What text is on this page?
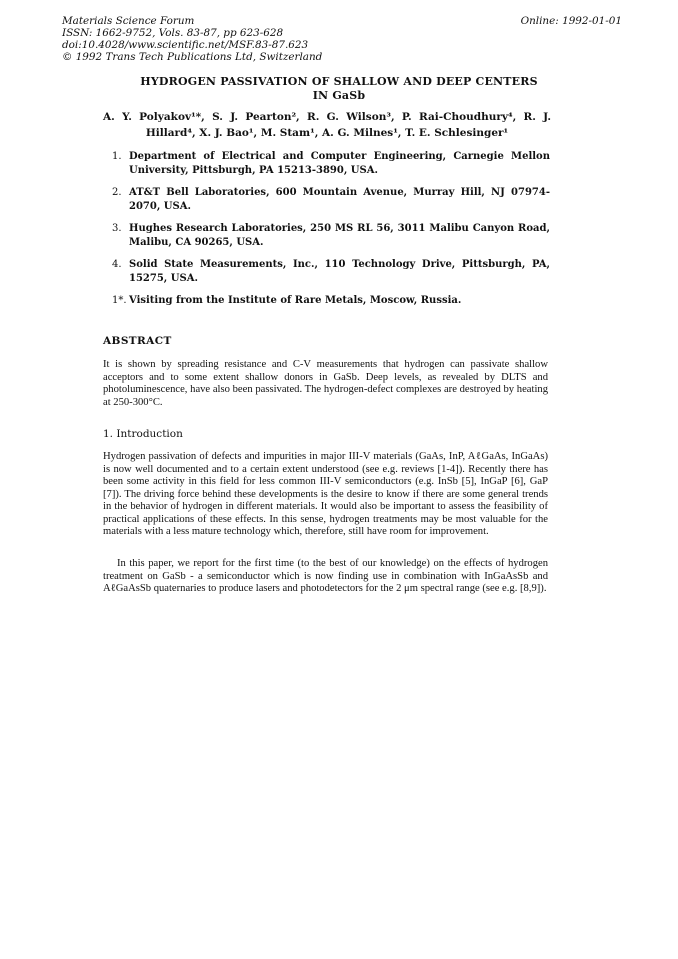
Materials Science Forum
ISSN: 1662-9752, Vols. 83-87, pp 623-628
doi:10.4028/www.scientific.net/MSF.83-87.623
© 1992 Trans Tech Publications Ltd, Switzerland
Online: 1992-01-01
HYDROGEN PASSIVATION OF SHALLOW AND DEEP CENTERS
IN GaSb
A. Y. Polyakov¹*, S. J. Pearton², R. G. Wilson³, P. Rai-Choudhury⁴, R. J. Hillard⁴, X. J. Bao¹, M. Stam¹, A. G. Milnes¹, T. E. Schlesinger¹
1. Department of Electrical and Computer Engineering, Carnegie Mellon University, Pittsburgh, PA 15213-3890, USA.
2. AT&T Bell Laboratories, 600 Mountain Avenue, Murray Hill, NJ 07974-2070, USA.
3. Hughes Research Laboratories, 250 MS RL 56, 3011 Malibu Canyon Road, Malibu, CA 90265, USA.
4. Solid State Measurements, Inc., 110 Technology Drive, Pittsburgh, PA, 15275, USA.
1*. Visiting from the Institute of Rare Metals, Moscow, Russia.
ABSTRACT

It is shown by spreading resistance and C-V measurements that hydrogen can passivate shallow acceptors and to some extent shallow donors in GaSb. Deep levels, as revealed by DLTS and photoluminescence, have also been passivated. The hydrogen-defect complexes are destroyed by heating at 250-300°C.

1. Introduction

Hydrogen passivation of defects and impurities in major III-V materials (GaAs, InP, AℓGaAs, InGaAs) is now well documented and to a certain extent understood (see e.g. reviews [1-4]). Recently there has been some activity in this field for less common III-V semiconductors (e.g. InSb [5], InGaP [6], GaP [7]). The driving force behind these developments is the desire to know if there are some general trends in the behavior of hydrogen in different materials. It would also be important to assess the feasibility of practical applications of these effects. In this sense, hydrogen treatments may be most valuable for the materials with a less mature technology which, therefore, still have room for improvement.

In this paper, we report for the first time (to the best of our knowledge) on the effects of hydrogen treatment on GaSb - a semiconductor which is now finding use in combination with InGaAsSb and AℓGaAsSb quaternaries to produce lasers and photodetectors for the 2 μm spectral range (see e.g. [8,9]).
